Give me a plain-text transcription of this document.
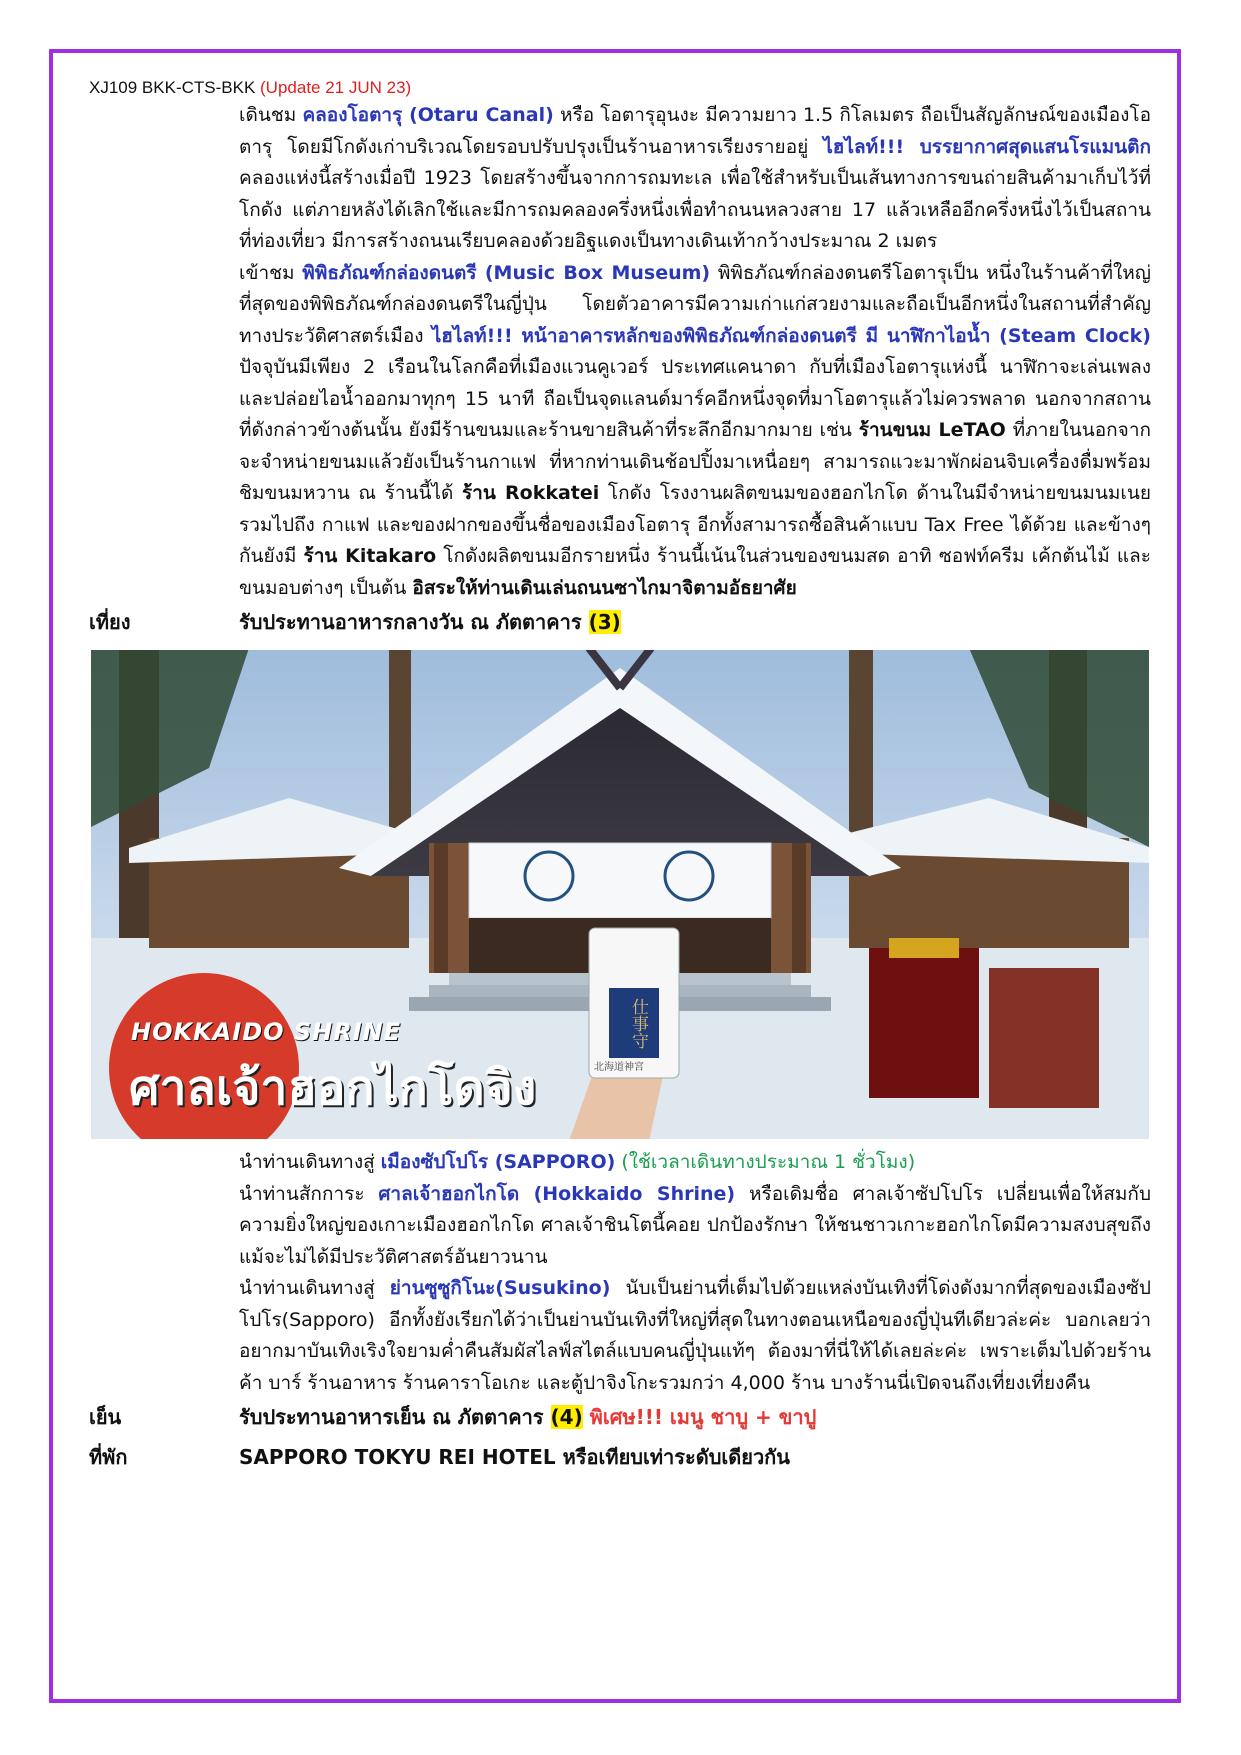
XJ109 BKK-CTS-BKK (Update 21 JUN 23)
เดินชม คลองโอตารุ (Otaru Canal) หรือ โอตารุอุนงะ มีความยาว 1.5 กิโลเมตร ถือเป็นสัญลักษณ์ของเมืองโอตารุ โดยมีโกดังเก่าบริเวณโดยรอบปรับปรุงเป็นร้านอาหารเรียงรายอยู่ ไฮไลท์!!! บรรยากาศสุดแสนโรแมนติก คลองแห่งนี้สร้างเมื่อปี 1923 โดยสร้างขึ้นจากการถมทะเล เพื่อใช้สำหรับเป็นเส้นทางการขนถ่ายสินค้ามาเก็บไว้ที่โกดัง แต่ภายหลังได้เลิกใช้และมีการถมคลองครึ่งหนึ่งเพื่อทำถนนหลวงสาย 17 แล้วเหลืออีกครึ่งหนึ่งไว้เป็นสถานที่ท่องเที่ยว มีการสร้างถนนเรียบคลองด้วยอิฐแดงเป็นทางเดินเท้ากว้างประมาณ 2 เมตร
เข้าชม พิพิธภัณฑ์กล่องดนตรี (Music Box Museum) พิพิธภัณฑ์กล่องดนตรีโอตารุเป็น หนึ่งในร้านค้าที่ใหญ่ที่สุดของพิพิธภัณฑ์กล่องดนตรีในญี่ปุ่น โดยตัวอาคารมีความเก่าแก่สวยงามและถือเป็นอีกหนึ่งในสถานที่สำคัญทางประวัติศาสตร์เมือง ไฮไลท์!!! หน้าอาคารหลักของพิพิธภัณฑ์กล่องดนตรี มี นาฬิกาไอน้ำ (Steam Clock) ปัจจุบันมีเพียง 2 เรือนในโลกคือที่เมืองแวนคูเวอร์ ประเทศแคนาดา กับที่เมืองโอตารุแห่งนี้ นาฬิกาจะเล่นเพลงและปล่อยไอน้ำออกมาทุกๆ 15 นาที ถือเป็นจุดแลนด์มาร์คอีกหนึ่งจุดที่มาโอตารุแล้วไม่ควรพลาด นอกจากสถานที่ดังกล่าวข้างต้นนั้น ยังมีร้านขนมและร้านขายสินค้าที่ระลึกอีกมากมาย เช่น ร้านขนม LeTAO ที่ภายในนอกจากจะจำหน่ายขนมแล้วยังเป็นร้านกาแฟ ที่หากท่านเดินช้อปปิ้งมาเหนื่อยๆ สามารถแวะมาพักผ่อนจิบเครื่องดื่มพร้อมชิมขนมหวาน ณ ร้านนี้ได้ ร้าน Rokkatei โกดัง โรงงานผลิตขนมของฮอกไกโด ด้านในมีจำหน่ายขนมนมเนย รวมไปถึง กาแฟ และของฝากของขึ้นชื่อของเมืองโอตารุ อีกทั้งสามารถซื้อสินค้าแบบ Tax Free ได้ด้วย และข้างๆกันยังมี ร้าน Kitakaro โกดังผลิตขนมอีกรายหนึ่ง ร้านนี้เน้นในส่วนของขนมสด อาทิ ซอฟท์ครีม เค้กต้นไม้ และขนมอบต่างๆ เป็นต้น อิสระให้ท่านเดินเล่นถนนซาไกมาจิตามอัธยาศัย
เที่ยง	รับประทานอาหารกลางวัน ณ ภัตตาคาร (3)
HOKKAIDO SHRINE
ศาลเจ้าฮอกไกโดจิง
仕事守
北海道神宮
นำท่านเดินทางสู่ เมืองซัปโปโร (SAPPORO) (ใช้เวลาเดินทางประมาณ 1 ชั่วโมง)
นำท่านสักการะ ศาลเจ้าฮอกไกโด (Hokkaido Shrine) หรือเดิมชื่อ ศาลเจ้าซัปโปโร เปลี่ยนเพื่อให้สมกับ ความยิ่งใหญ่ของเกาะเมืองฮอกไกโด ศาลเจ้าชินโตนี้คอย ปกป้องรักษา ให้ชนชาวเกาะฮอกไกโดมีความสงบสุขถึงแม้จะไม่ได้มีประวัติศาสตร์อันยาวนาน
นำท่านเดินทางสู่ ย่านซูซูกิโนะ(Susukino) นับเป็นย่านที่เต็มไปด้วยแหล่งบันเทิงที่โด่งดังมากที่สุดของเมืองซัปโปโร(Sapporo) อีกทั้งยังเรียกได้ว่าเป็นย่านบันเทิงที่ใหญ่ที่สุดในทางตอนเหนือของญี่ปุ่นทีเดียวล่ะค่ะ บอกเลยว่าอยากมาบันเทิงเริงใจยามค่ำคืนสัมผัสไลฟ์สไตล์แบบคนญี่ปุ่นแท้ๆ ต้องมาที่นี่ให้ได้เลยล่ะค่ะ เพราะเต็มไปด้วยร้านค้า บาร์ ร้านอาหาร ร้านคาราโอเกะ และตู้ปาจิงโกะรวมกว่า 4,000 ร้าน บางร้านนี่เปิดจนถึงเที่ยงเที่ยงคืน
เย็น	รับประทานอาหารเย็น ณ ภัตตาคาร (4) พิเศษ!!! เมนู ชาบู + ขาปู
ที่พัก	SAPPORO TOKYU REI HOTEL หรือเทียบเท่าระดับเดียวกัน
